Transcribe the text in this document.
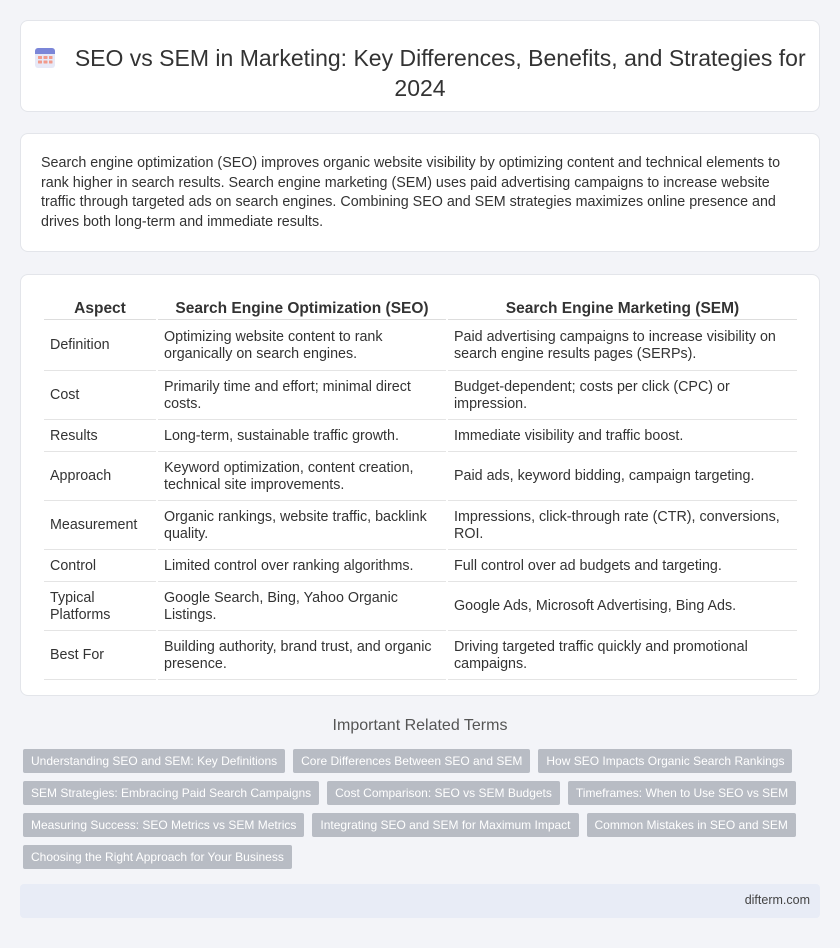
SEO vs SEM in Marketing: Key Differences, Benefits, and Strategies for 2024

Search engine optimization (SEO) improves organic website visibility by optimizing content and technical elements to rank higher in search results. Search engine marketing (SEM) uses paid advertising campaigns to increase website traffic through targeted ads on search engines. Combining SEO and SEM strategies maximizes online presence and drives both long-term and immediate results.

Aspect	Search Engine Optimization (SEO)	Search Engine Marketing (SEM)
Definition	Optimizing website content to rank organically on search engines.	Paid advertising campaigns to increase visibility on search engine results pages (SERPs).
Cost	Primarily time and effort; minimal direct costs.	Budget-dependent; costs per click (CPC) or impression.
Results	Long-term, sustainable traffic growth.	Immediate visibility and traffic boost.
Approach	Keyword optimization, content creation, technical site improvements.	Paid ads, keyword bidding, campaign targeting.
Measurement	Organic rankings, website traffic, backlink quality.	Impressions, click-through rate (CTR), conversions, ROI.
Control	Limited control over ranking algorithms.	Full control over ad budgets and targeting.
Typical Platforms	Google Search, Bing, Yahoo Organic Listings.	Google Ads, Microsoft Advertising, Bing Ads.
Best For	Building authority, brand trust, and organic presence.	Driving targeted traffic quickly and promotional campaigns.
Important Related Terms
Understanding SEO and SEM: Key Definitions	Core Differences Between SEO and SEM	How SEO Impacts Organic Search Rankings
SEM Strategies: Embracing Paid Search Campaigns	Cost Comparison: SEO vs SEM Budgets	Timeframes: When to Use SEO vs SEM
Measuring Success: SEO Metrics vs SEM Metrics	Integrating SEO and SEM for Maximum Impact	Common Mistakes in SEO and SEM
Choosing the Right Approach for Your Business
difterm.com
